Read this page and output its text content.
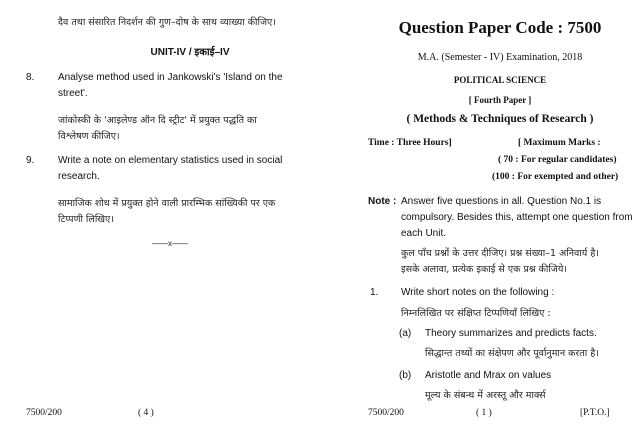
दैव तथा संसारित निदर्शन की गुण–दोष के साथ व्याख्या कीजिए।
UNIT-IV / इकाई–IV
8. Analyse method used in Jankowski's 'Island on the
street'.
जांकोस्की के 'आइलेण्ड ऑन दि स्ट्रीट' में प्रयुक्त पद्धति का
विश्लेषण कीजिए।
9. Write a note on elementary statistics used in social
research.
सामाजिक शोध में प्रयुक्त होने वाली प्रारम्भिक सांख्यिकी पर एक
टिप्पणी लिखिए।
——x——
7500/200	( 4 )
Question Paper Code : 7500
M.A. (Semester - IV) Examination, 2018
POLITICAL SCIENCE
[ Fourth Paper ]
( Methods & Techniques of Research )
Time : Three Hours]	[ Maximum Marks :
( 70 : For regular candidates)
(100 : For exempted and other)
Note : Answer five questions in all. Question No.1 is
compulsory. Besides this, attempt one question from
each Unit.
कुल पाँच प्रश्नों के उत्तर दीजिए। प्रश्न संख्या–1 अनिवार्य है।
इसके अलावा, प्रत्येक इकाई से एक प्रश्न कीजिये।
1. Write short notes on the following :
निम्नलिखित पर संक्षिप्त टिप्पणियाँ लिखिए :
(a) Theory summarizes and predicts facts.
सिद्धान्त तथ्यों का संक्षेपण और पूर्वानुमान करता है।
(b) Aristotle and Mrax on values
मूल्य के संबन्ध में अरस्तू और मार्क्स
7500/200	( 1 )	[P.T.O.]
